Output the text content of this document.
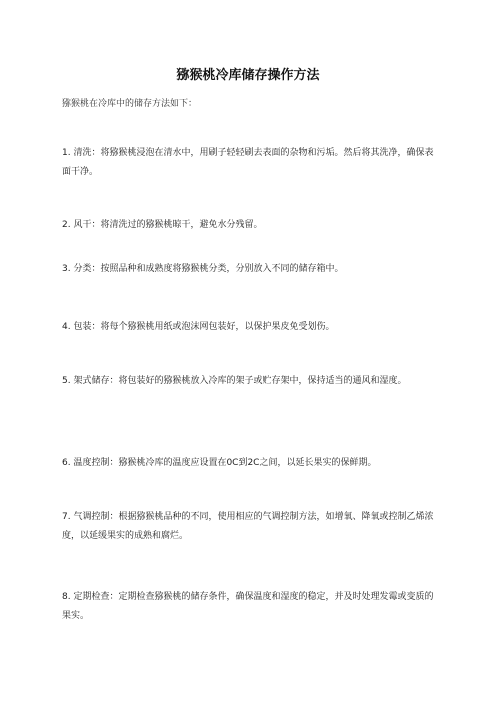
猕猴桃冷库储存操作方法
猕猴桃在冷库中的储存方法如下：
1. 清洗：将猕猴桃浸泡在清水中，用刷子轻轻刷去表面的杂物和污垢。然后将其洗净，确保表面干净。
2. 风干：将清洗过的猕猴桃晾干，避免水分残留。
3. 分类：按照品种和成熟度将猕猴桃分类，分别放入不同的储存箱中。
4. 包装：将每个猕猴桃用纸或泡沫网包装好，以保护果皮免受划伤。
5. 架式储存：将包装好的猕猴桃放入冷库的架子或贮存架中，保持适当的通风和湿度。
6. 温度控制：猕猴桃冷库的温度应设置在0C到2C之间，以延长果实的保鲜期。
7. 气调控制：根据猕猴桃品种的不同，使用相应的气调控制方法，如增氧、降氧或控制乙烯浓度，以延缓果实的成熟和腐烂。
8. 定期检查：定期检查猕猴桃的储存条件，确保温度和湿度的稳定，并及时处理发霉或变质的果实。
